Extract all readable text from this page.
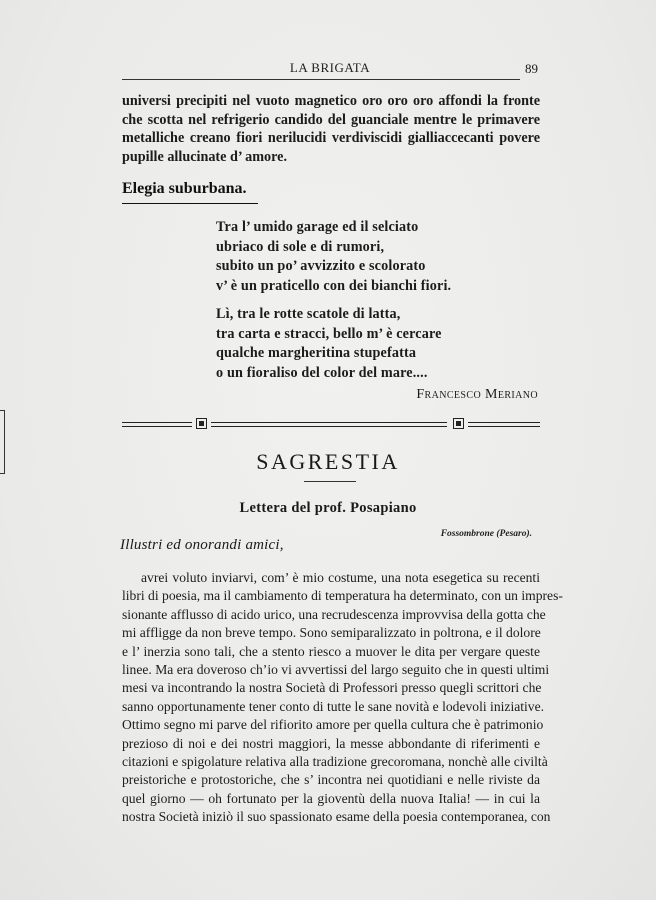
LA BRIGATA	89
universi precipiti nel vuoto magnetico oro oro oro affondi la fronte
che scotta nel refrigerio candido del guanciale mentre le primavere
metalliche creano fiori nerilucidi verdiviscidi gialliaccecanti povere
pupille allucinate d’ amore.
Elegia suburbana.
Tra l’ umido garage ed il selciato
ubriaco di sole e di rumori,
subito un po’ avvizzito e scolorato
v’ è un praticello con dei bianchi fiori.
Lì, tra le rotte scatole di latta,
tra carta e stracci, bello m’ è cercare
qualche margheritina stupefatta
o un fioraliso del color del mare....
Francesco Meriano
SAGRESTIA
Lettera del prof. Posapiano
Fossombrone (Pesaro).
Illustri ed onorandi amici,
avrei voluto inviarvi, com’ è mio costume, una nota esegetica su recenti
libri di poesia, ma il cambiamento di temperatura ha determinato, con un impres-
sionante afflusso di acido urico, una recrudescenza improvvisa della gotta che
mi affligge da non breve tempo. Sono semiparalizzato in poltrona, e il dolore
e l’ inerzia sono tali, che a stento riesco a muover le dita per vergare queste
linee. Ma era doveroso ch’io vi avvertissi del largo seguito che in questi ultimi
mesi va incontrando la nostra Società di Professori presso quegli scrittori che
sanno opportunamente tener conto di tutte le sane novità e lodevoli iniziative.
Ottimo segno mi parve del rifiorito amore per quella cultura che è patrimonio
prezioso di noi e dei nostri maggiori, la messe abbondante di riferimenti e
citazioni e spigolature relativa alla tradizione grecoromana, nonchè alle civiltà
preistoriche e protostoriche, che s’ incontra nei quotidiani e nelle riviste da
quel giorno — oh fortunato per la gioventù della nuova Italia! — in cui la
nostra Società iniziò il suo spassionato esame della poesia contemporanea, con
